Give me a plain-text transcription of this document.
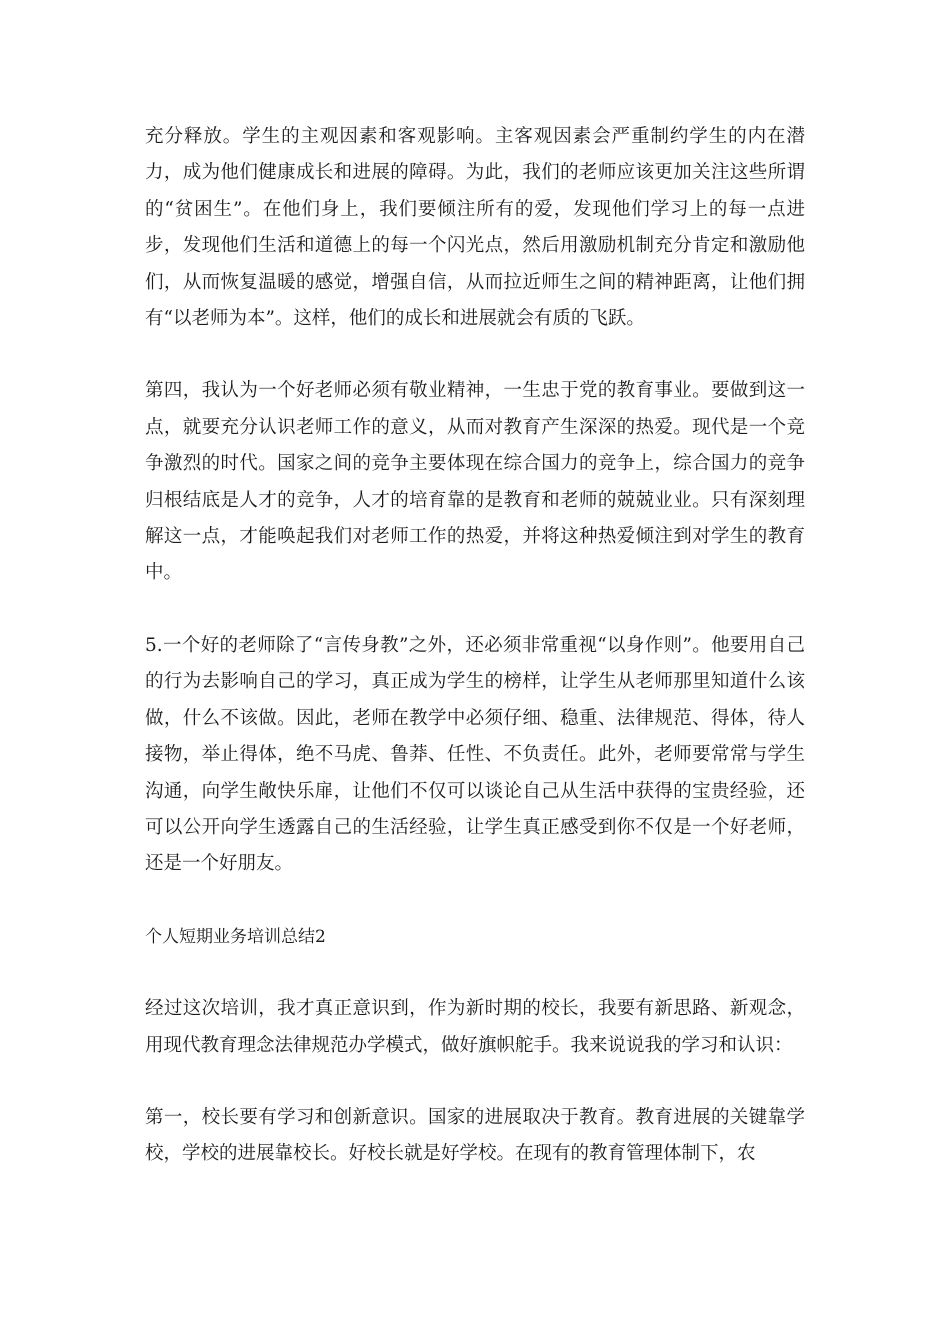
充分释放。学生的主观因素和客观影响。主客观因素会严重制约学生的内在潜力，成为他们健康成长和进展的障碍。为此，我们的老师应该更加关注这些所谓的“贫困生”。在他们身上，我们要倾注所有的爱，发现他们学习上的每一点进步，发现他们生活和道德上的每一个闪光点，然后用激励机制充分肯定和激励他们，从而恢复温暖的感觉，增强自信，从而拉近师生之间的精神距离，让他们拥有“以老师为本”。这样，他们的成长和进展就会有质的飞跃。

第四，我认为一个好老师必须有敬业精神，一生忠于党的教育事业。要做到这一点，就要充分认识老师工作的意义，从而对教育产生深深的热爱。现代是一个竞争激烈的时代。国家之间的竞争主要体现在综合国力的竞争上，综合国力的竞争归根结底是人才的竞争，人才的培育靠的是教育和老师的兢兢业业。只有深刻理解这一点，才能唤起我们对老师工作的热爱，并将这种热爱倾注到对学生的教育中。

5.一个好的老师除了“言传身教”之外，还必须非常重视“以身作则”。他要用自己的行为去影响自己的学习，真正成为学生的榜样，让学生从老师那里知道什么该做，什么不该做。因此，老师在教学中必须仔细、稳重、法律规范、得体，待人接物，举止得体，绝不马虎、鲁莽、任性、不负责任。此外，老师要常常与学生沟通，向学生敞快乐扉，让他们不仅可以谈论自己从生活中获得的宝贵经验，还可以公开向学生透露自己的生活经验，让学生真正感受到你不仅是一个好老师，还是一个好朋友。

个人短期业务培训总结2

经过这次培训，我才真正意识到，作为新时期的校长，我要有新思路、新观念，用现代教育理念法律规范办学模式，做好旗帜舵手。我来说说我的学习和认识：

第一，校长要有学习和创新意识。国家的进展取决于教育。教育进展的关键靠学校，学校的进展靠校长。好校长就是好学校。在现有的教育管理体制下，农
